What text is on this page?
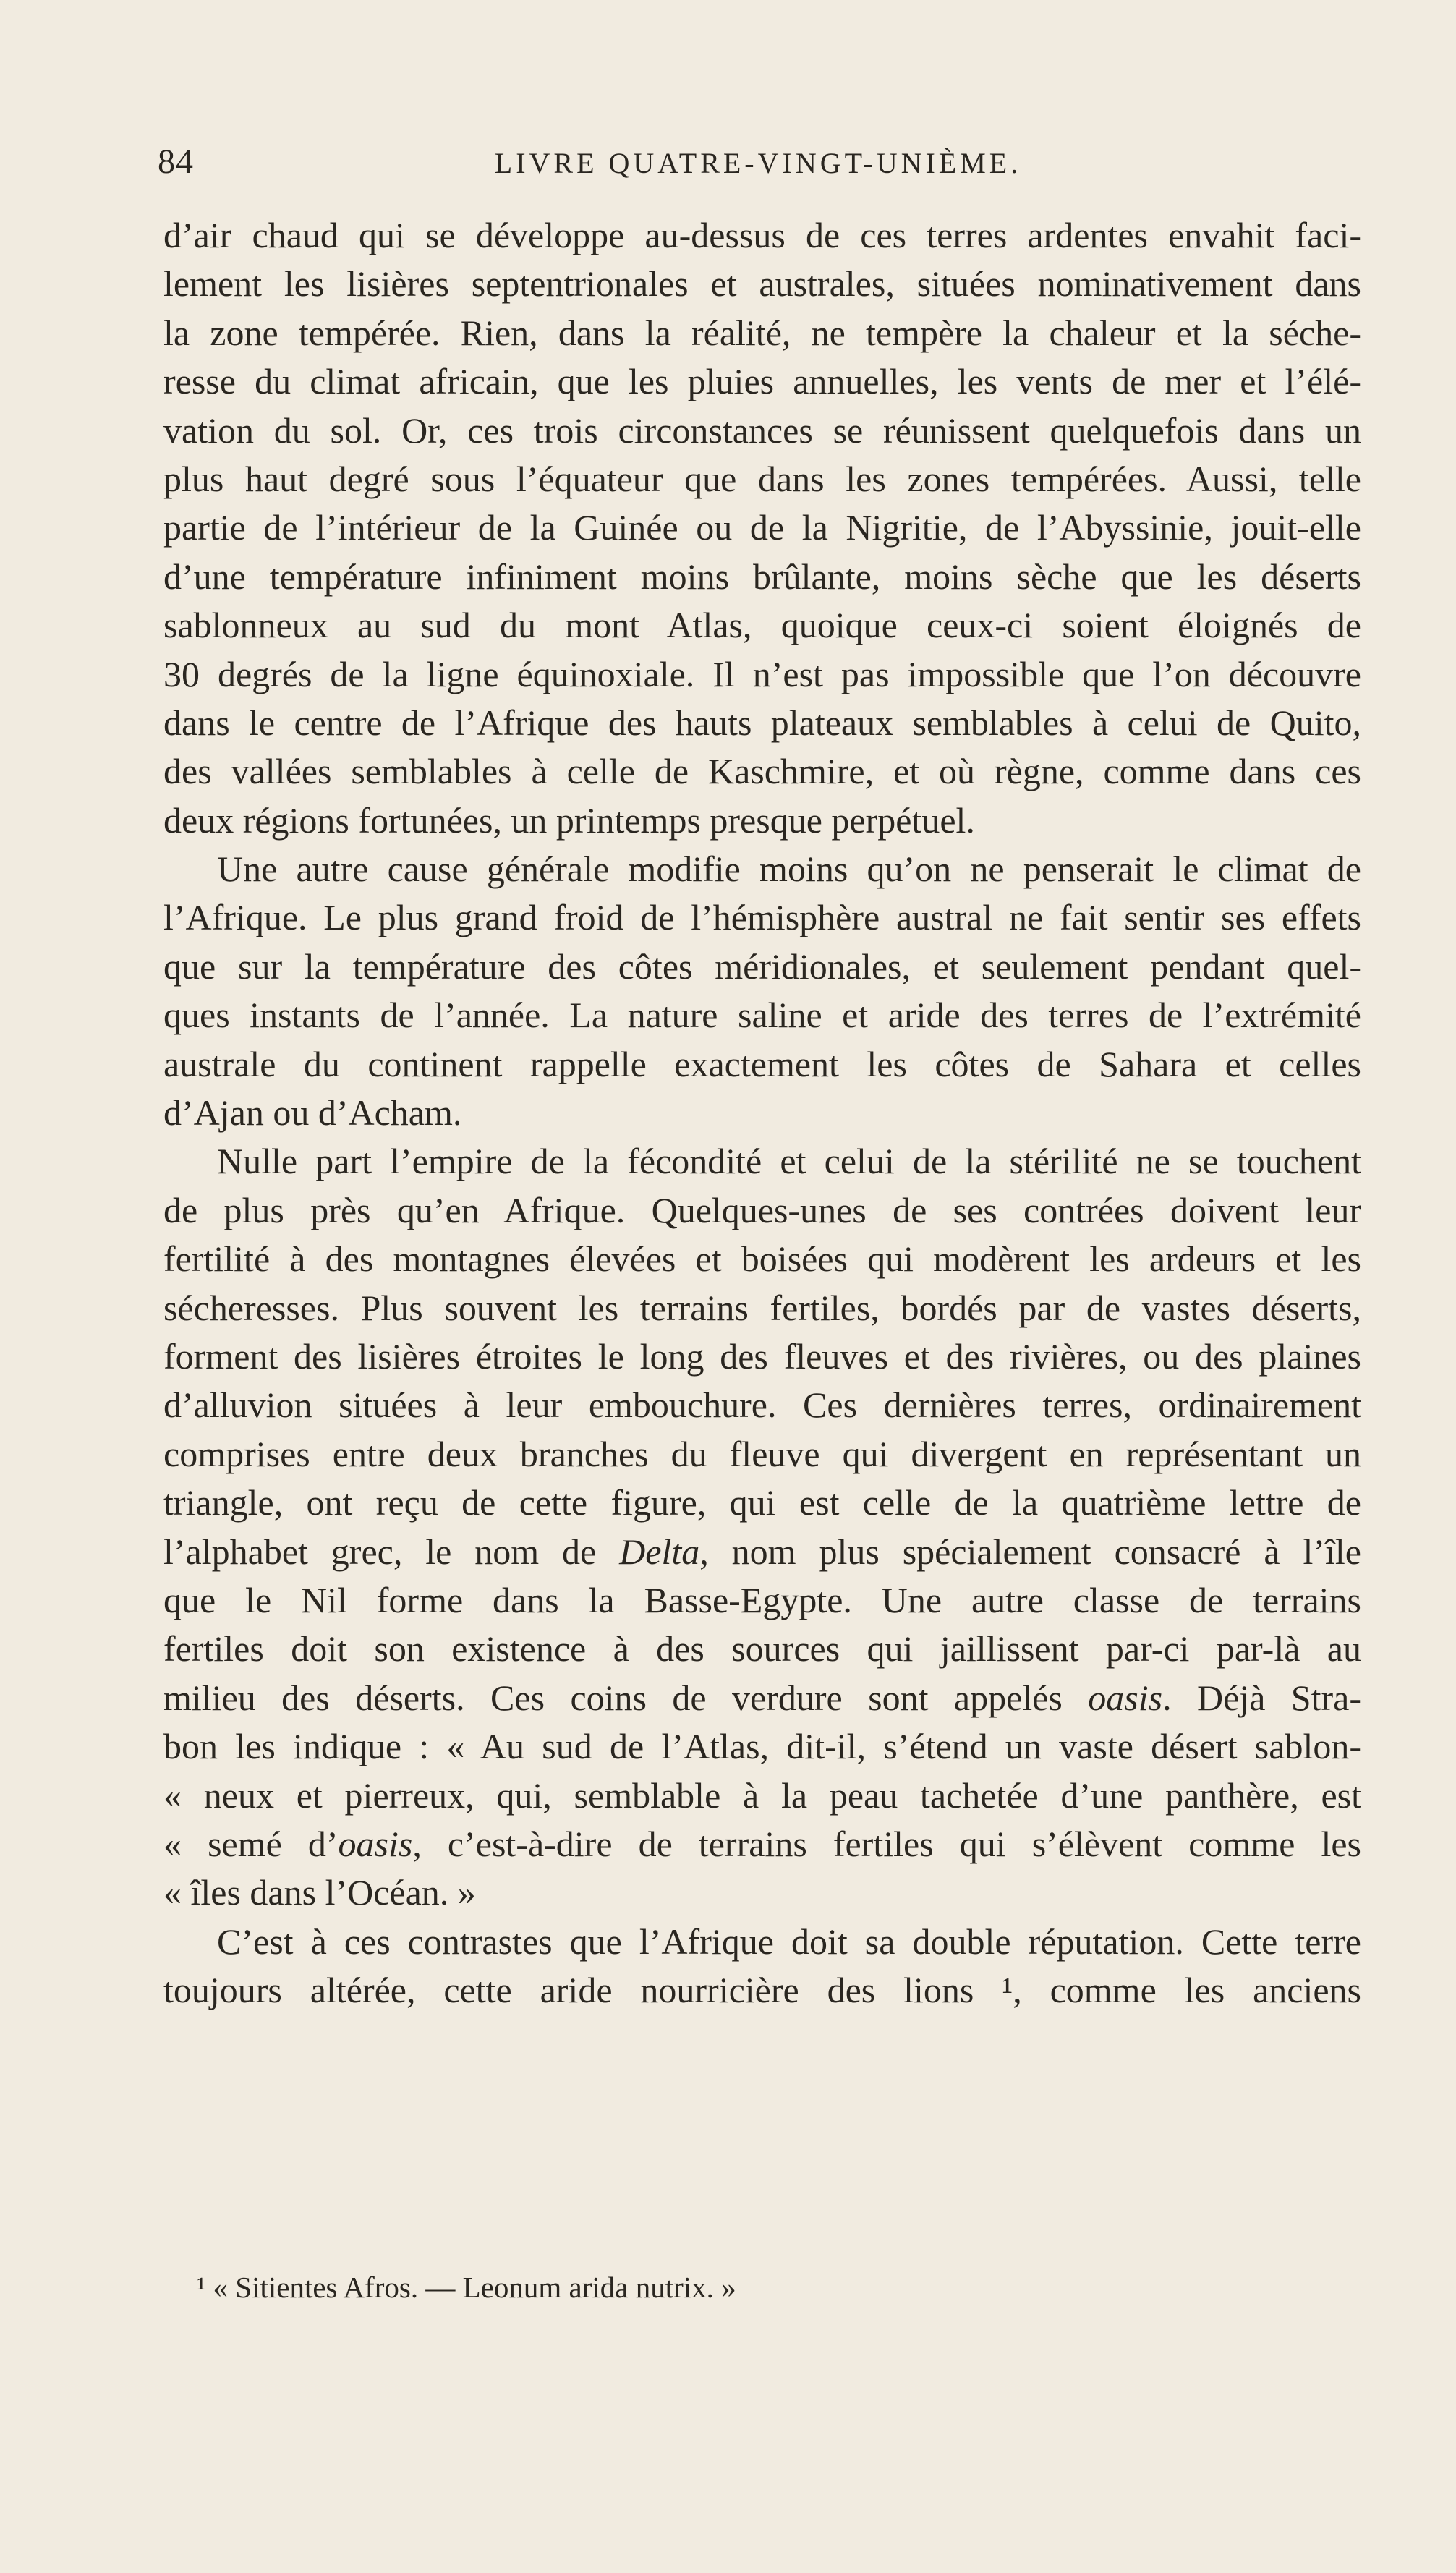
84	LIVRE QUATRE-VINGT-UNIÈME.
d’air chaud qui se développe au-dessus de ces terres ardentes envahit faci-
lement les lisières septentrionales et australes, situées nominativement dans
la zone tempérée. Rien, dans la réalité, ne tempère la chaleur et la séche-
resse du climat africain, que les pluies annuelles, les vents de mer et l’élé-
vation du sol. Or, ces trois circonstances se réunissent quelquefois dans un
plus haut degré sous l’équateur que dans les zones tempérées. Aussi, telle
partie de l’intérieur de la Guinée ou de la Nigritie, de l’Abyssinie, jouit-elle
d’une température infiniment moins brûlante, moins sèche que les déserts
sablonneux au sud du mont Atlas, quoique ceux-ci soient éloignés de
30 degrés de la ligne équinoxiale. Il n’est pas impossible que l’on découvre
dans le centre de l’Afrique des hauts plateaux semblables à celui de Quito,
des vallées semblables à celle de Kaschmire, et où règne, comme dans ces
deux régions fortunées, un printemps presque perpétuel.
Une autre cause générale modifie moins qu’on ne penserait le climat de
l’Afrique. Le plus grand froid de l’hémisphère austral ne fait sentir ses effets
que sur la température des côtes méridionales, et seulement pendant quel-
ques instants de l’année. La nature saline et aride des terres de l’extrémité
australe du continent rappelle exactement les côtes de Sahara et celles
d’Ajan ou d’Acham.
Nulle part l’empire de la fécondité et celui de la stérilité ne se touchent
de plus près qu’en Afrique. Quelques-unes de ses contrées doivent leur
fertilité à des montagnes élevées et boisées qui modèrent les ardeurs et les
sécheresses. Plus souvent les terrains fertiles, bordés par de vastes déserts,
forment des lisières étroites le long des fleuves et des rivières, ou des plaines
d’alluvion situées à leur embouchure. Ces dernières terres, ordinairement
comprises entre deux branches du fleuve qui divergent en représentant un
triangle, ont reçu de cette figure, qui est celle de la quatrième lettre de
l’alphabet grec, le nom de Delta, nom plus spécialement consacré à l’île
que le Nil forme dans la Basse-Egypte. Une autre classe de terrains
fertiles doit son existence à des sources qui jaillissent par-ci par-là au
milieu des déserts. Ces coins de verdure sont appelés oasis. Déjà Stra-
bon les indique : « Au sud de l’Atlas, dit-il, s’étend un vaste désert sablon-
« neux et pierreux, qui, semblable à la peau tachetée d’une panthère, est
« semé d’oasis, c’est-à-dire de terrains fertiles qui s’élèvent comme les
« îles dans l’Océan. »
C’est à ces contrastes que l’Afrique doit sa double réputation. Cette terre
toujours altérée, cette aride nourricière des lions ¹, comme les anciens
¹ « Sitientes Afros. — Leonum arida nutrix. »
